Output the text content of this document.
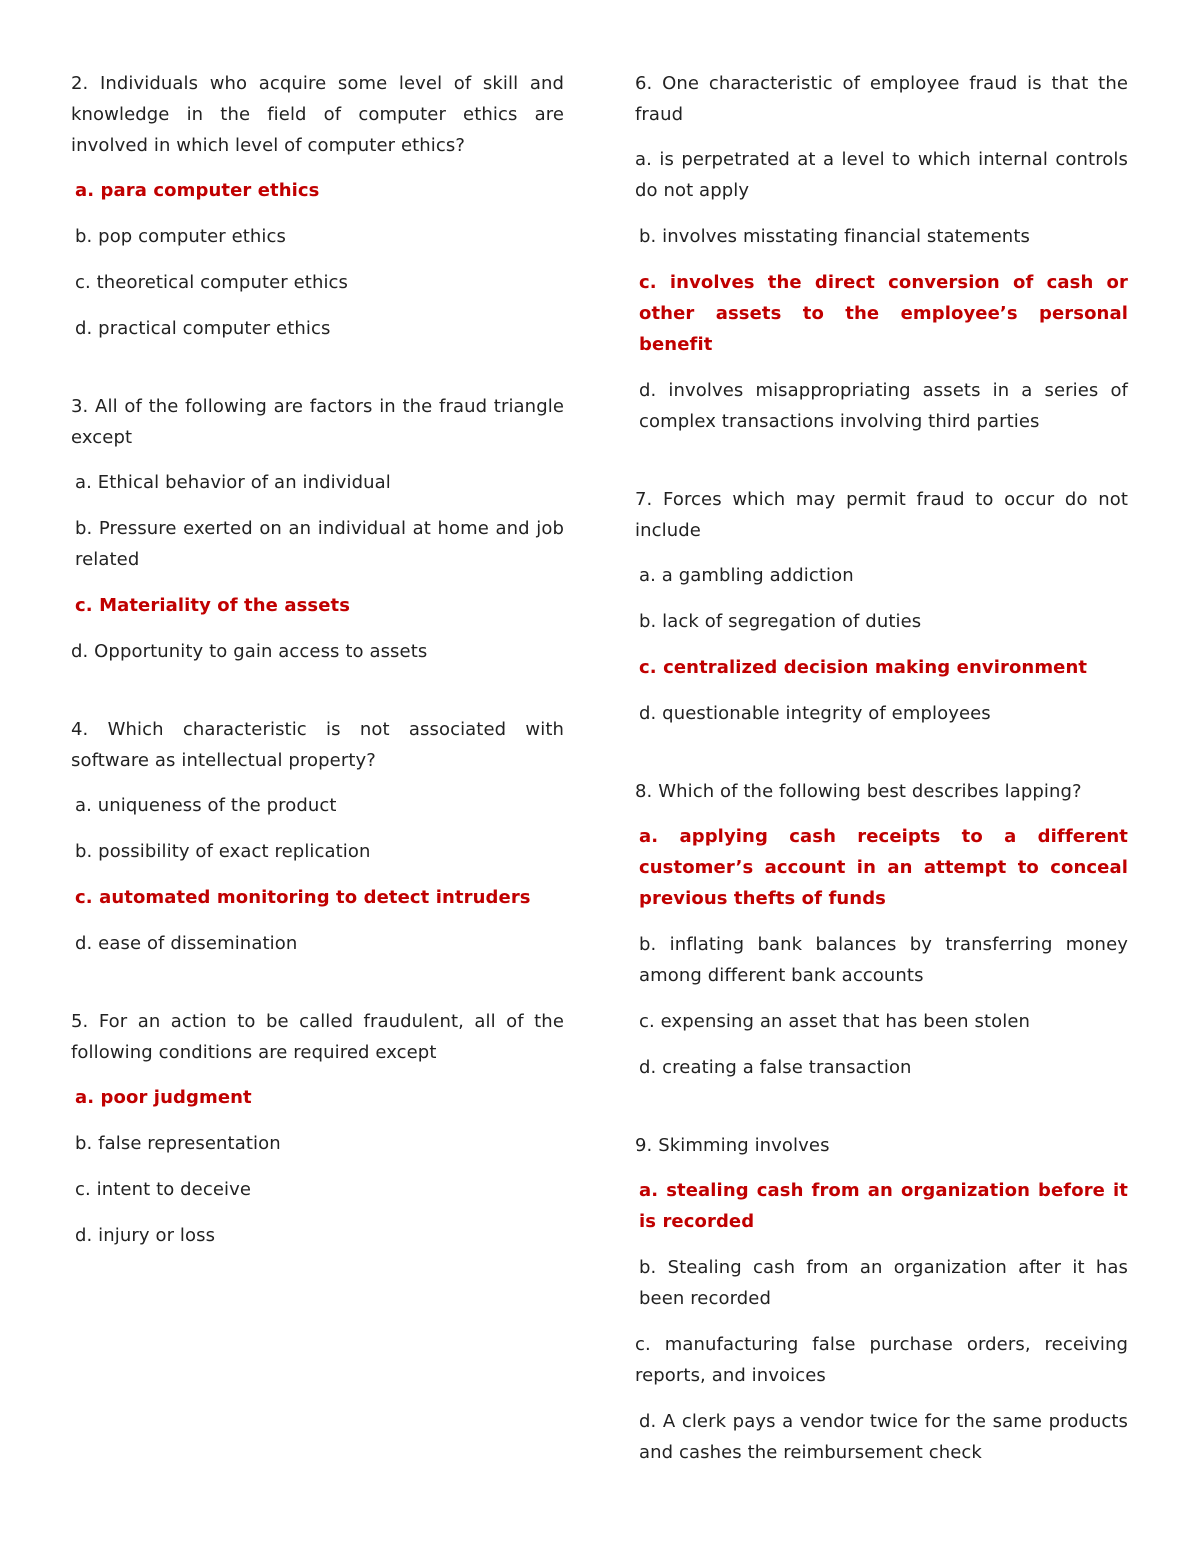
2. Individuals who acquire some level of skill and knowledge in the field of computer ethics are involved in which level of computer ethics?

a. para computer ethics

b. pop computer ethics

c. theoretical computer ethics

d. practical computer ethics

3. All of the following are factors in the fraud triangle except

a. Ethical behavior of an individual

b. Pressure exerted on an individual at home and job related

c. Materiality of the assets

d. Opportunity to gain access to assets

4. Which characteristic is not associated with software as intellectual property?

a. uniqueness of the product

b. possibility of exact replication

c. automated monitoring to detect intruders

d. ease of dissemination

5. For an action to be called fraudulent, all of the following conditions are required except

a. poor judgment

b. false representation

c. intent to deceive

d. injury or loss

6. One characteristic of employee fraud is that the fraud

a. is perpetrated at a level to which internal controls do not apply

b. involves misstating financial statements

c. involves the direct conversion of cash or other assets to the employee’s personal benefit

d. involves misappropriating assets in a series of complex transactions involving third parties

7. Forces which may permit fraud to occur do not include

a. a gambling addiction

b. lack of segregation of duties

c. centralized decision making environment

d. questionable integrity of employees

8. Which of the following best describes lapping?

a. applying cash receipts to a different customer’s account in an attempt to conceal previous thefts of funds

b. inflating bank balances by transferring money among different bank accounts

c. expensing an asset that has been stolen

d. creating a false transaction

9. Skimming involves

a. stealing cash from an organization before it is recorded

b. Stealing cash from an organization after it has been recorded

c. manufacturing false purchase orders, receiving reports, and invoices

d. A clerk pays a vendor twice for the same products and cashes the reimbursement check
